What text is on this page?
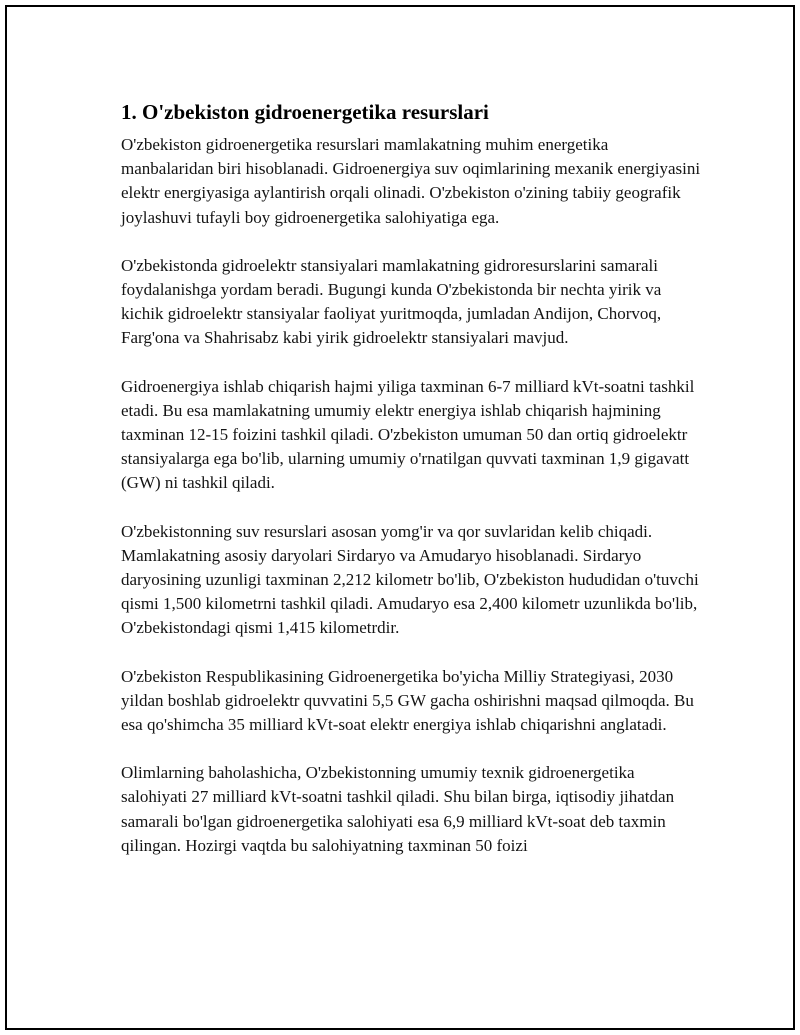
1. O'zbekiston gidroenergetika resurslari

O'zbekiston gidroenergetika resurslari mamlakatning muhim energetika manbalaridan biri hisoblanadi. Gidroenergiya suv oqimlarining mexanik energiyasini elektr energiyasiga aylantirish orqali olinadi. O'zbekiston o'zining tabiiy geografik joylashuvi tufayli boy gidroenergetika salohiyatiga ega.

O'zbekistonda gidroelektr stansiyalari mamlakatning gidroresurslarini samarali foydalanishga yordam beradi. Bugungi kunda O'zbekistonda bir nechta yirik va kichik gidroelektr stansiyalar faoliyat yuritmoqda, jumladan Andijon, Chorvoq, Farg'ona va Shahrisabz kabi yirik gidroelektr stansiyalari mavjud.

Gidroenergiya ishlab chiqarish hajmi yiliga taxminan 6-7 milliard kVt-soatni tashkil etadi. Bu esa mamlakatning umumiy elektr energiya ishlab chiqarish hajmining taxminan 12-15 foizini tashkil qiladi. O'zbekiston umuman 50 dan ortiq gidroelektr stansiyalarga ega bo'lib, ularning umumiy o'rnatilgan quvvati taxminan 1,9 gigavatt (GW) ni tashkil qiladi.

O'zbekistonning suv resurslari asosan yomg'ir va qor suvlaridan kelib chiqadi. Mamlakatning asosiy daryolari Sirdaryo va Amudaryo hisoblanadi. Sirdaryo daryosining uzunligi taxminan 2,212 kilometr bo'lib, O'zbekiston hududidan o'tuvchi qismi 1,500 kilometrni tashkil qiladi. Amudaryo esa 2,400 kilometr uzunlikda bo'lib, O'zbekistondagi qismi 1,415 kilometrdir.

O'zbekiston Respublikasining Gidroenergetika bo'yicha Milliy Strategiyasi, 2030 yildan boshlab gidroelektr quvvatini 5,5 GW gacha oshirishni maqsad qilmoqda. Bu esa qo'shimcha 35 milliard kVt-soat elektr energiya ishlab chiqarishni anglatadi.

Olimlarning baholashicha, O'zbekistonning umumiy texnik gidroenergetika salohiyati 27 milliard kVt-soatni tashkil qiladi. Shu bilan birga, iqtisodiy jihatdan samarali bo'lgan gidroenergetika salohiyati esa 6,9 milliard kVt-soat deb taxmin qilingan. Hozirgi vaqtda bu salohiyatning taxminan 50 foizi
